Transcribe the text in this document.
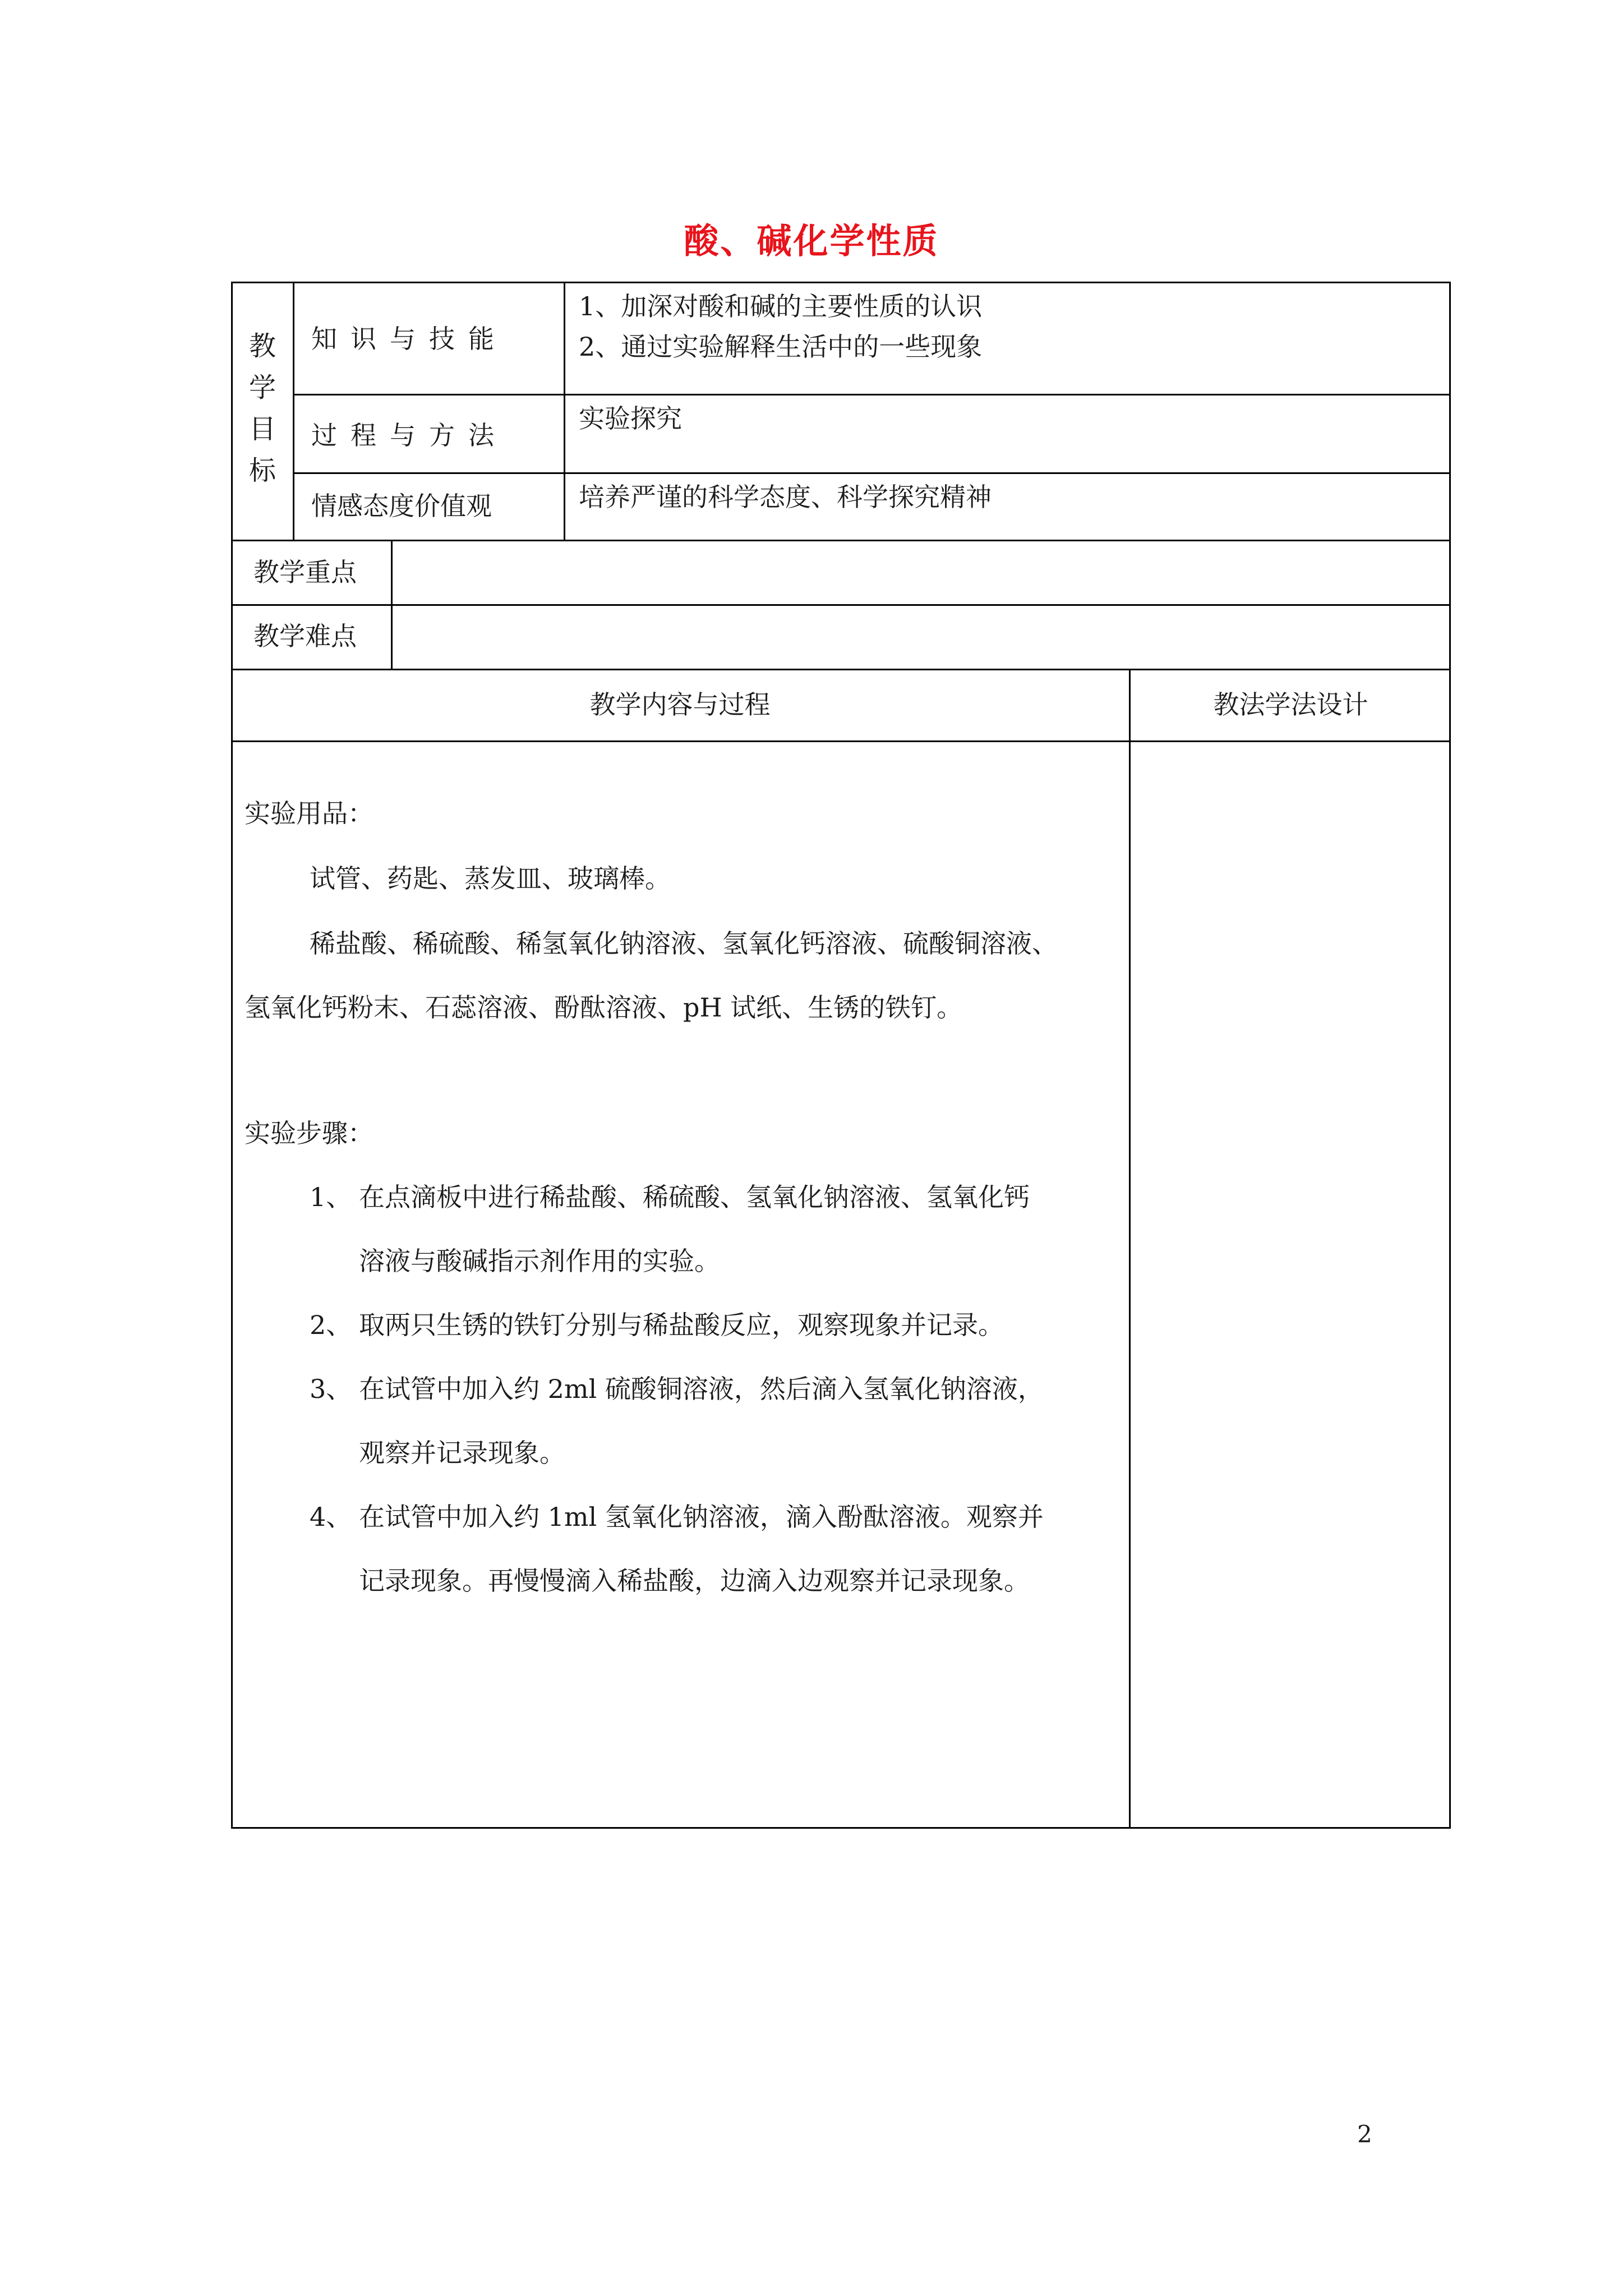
酸、碱化学性质
教
学
目
标
知识与技能
过程与方法
情感态度价值观
1、加深对酸和碱的主要性质的认识
2、通过实验解释生活中的一些现象
实验探究
培养严谨的科学态度、科学探究精神
教学重点
教学难点
教学内容与过程	教法学法设计
实验用品：
试管、药匙、蒸发皿、玻璃棒。
稀盐酸、稀硫酸、稀氢氧化钠溶液、氢氧化钙溶液、硫酸铜溶液、
氢氧化钙粉末、石蕊溶液、酚酞溶液、pH 试纸、生锈的铁钉。
实验步骤：
1、 在点滴板中进行稀盐酸、稀硫酸、氢氧化钠溶液、氢氧化钙
溶液与酸碱指示剂作用的实验。
2、 取两只生锈的铁钉分别与稀盐酸反应，观察现象并记录。
3、 在试管中加入约 2ml 硫酸铜溶液，然后滴入氢氧化钠溶液，
观察并记录现象。
4、 在试管中加入约 1ml 氢氧化钠溶液，滴入酚酞溶液。观察并
记录现象。再慢慢滴入稀盐酸，边滴入边观察并记录现象。
2
